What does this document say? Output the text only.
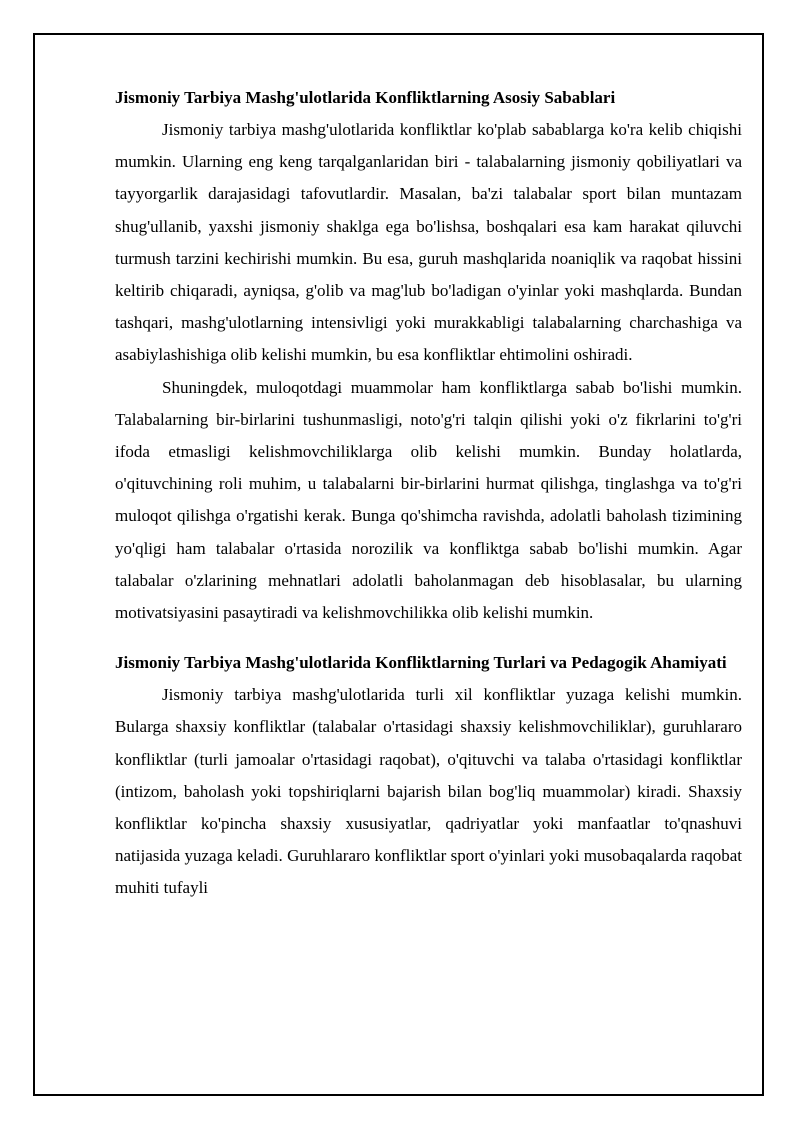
Jismoniy Tarbiya Mashg'ulotlarida Konfliktlarning Asosiy Sabablari

Jismoniy tarbiya mashg'ulotlarida konfliktlar ko'plab sabablarga ko'ra kelib chiqishi mumkin. Ularning eng keng tarqalganlaridan biri - talabalarning jismoniy qobiliyatlari va tayyorgarlik darajasidagi tafovutlardir. Masalan, ba'zi talabalar sport bilan muntazam shug'ullanib, yaxshi jismoniy shaklga ega bo'lishsa, boshqalari esa kam harakat qiluvchi turmush tarzini kechirishi mumkin. Bu esa, guruh mashqlarida noaniqlik va raqobat hissini keltirib chiqaradi, ayniqsa, g'olib va mag'lub bo'ladigan o'yinlar yoki mashqlarda. Bundan tashqari, mashg'ulotlarning intensivligi yoki murakkabligi talabalarning charchashiga va asabiylashishiga olib kelishi mumkin, bu esa konfliktlar ehtimolini oshiradi.

Shuningdek, muloqotdagi muammolar ham konfliktlarga sabab bo'lishi mumkin. Talabalarning bir-birlarini tushunmasligi, noto'g'ri talqin qilishi yoki o'z fikrlarini to'g'ri ifoda etmasligi kelishmovchiliklarga olib kelishi mumkin. Bunday holatlarda, o'qituvchining roli muhim, u talabalarni bir-birlarini hurmat qilishga, tinglashga va to'g'ri muloqot qilishga o'rgatishi kerak. Bunga qo'shimcha ravishda, adolatli baholash tizimining yo'qligi ham talabalar o'rtasida norozilik va konfliktga sabab bo'lishi mumkin. Agar talabalar o'zlarining mehnatlari adolatli baholanmagan deb hisoblasalar, bu ularning motivatsiyasini pasaytiradi va kelishmovchilikka olib kelishi mumkin.

Jismoniy Tarbiya Mashg'ulotlarida Konfliktlarning Turlari va Pedagogik Ahamiyati

Jismoniy tarbiya mashg'ulotlarida turli xil konfliktlar yuzaga kelishi mumkin. Bularga shaxsiy konfliktlar (talabalar o'rtasidagi shaxsiy kelishmovchiliklar), guruhlararo konfliktlar (turli jamoalar o'rtasidagi raqobat), o'qituvchi va talaba o'rtasidagi konfliktlar (intizom, baholash yoki topshiriqlarni bajarish bilan bog'liq muammolar) kiradi. Shaxsiy konfliktlar ko'pincha shaxsiy xususiyatlar, qadriyatlar yoki manfaatlar to'qnashuvi natijasida yuzaga keladi. Guruhlararo konfliktlar sport o'yinlari yoki musobaqalarda raqobat muhiti tufayli
